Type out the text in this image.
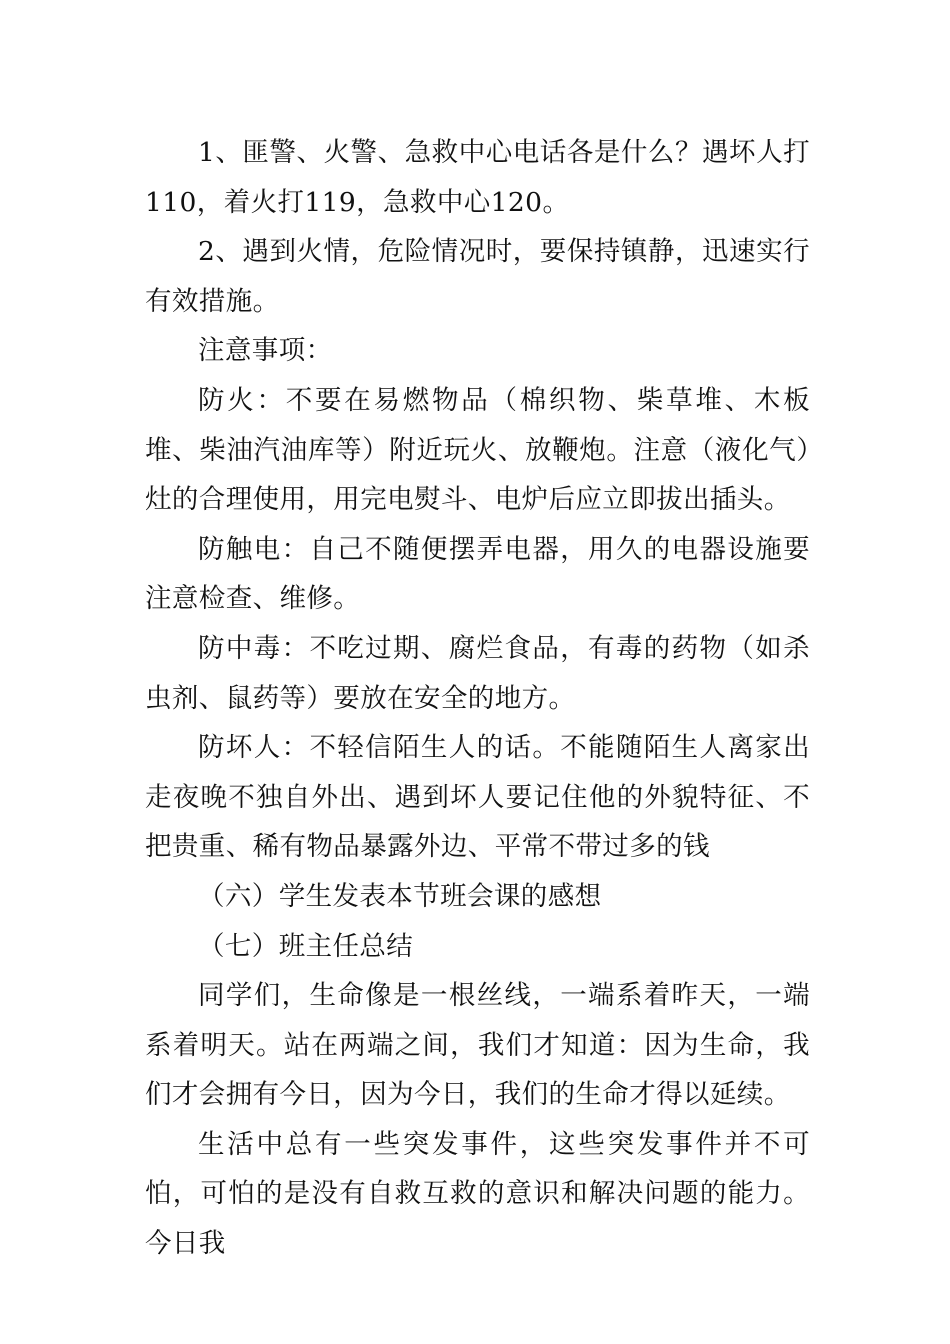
1、匪警、火警、急救中心电话各是什么？遇坏人打110，着火打119，急救中心120。

2、遇到火情，危险情况时，要保持镇静，迅速实行有效措施。

注意事项：

防火：不要在易燃物品（棉织物、柴草堆、木板堆、柴油汽油库等）附近玩火、放鞭炮。注意（液化气）灶的合理使用，用完电熨斗、电炉后应立即拔出插头。

防触电：自己不随便摆弄电器，用久的电器设施要注意检查、维修。

防中毒：不吃过期、腐烂食品，有毒的药物（如杀虫剂、鼠药等）要放在安全的地方。

防坏人：不轻信陌生人的话。不能随陌生人离家出走夜晚不独自外出、遇到坏人要记住他的外貌特征、不把贵重、稀有物品暴露外边、平常不带过多的钱

（六）学生发表本节班会课的感想

（七）班主任总结

同学们，生命像是一根丝线，一端系着昨天，一端系着明天。站在两端之间，我们才知道：因为生命，我们才会拥有今日，因为今日，我们的生命才得以延续。

生活中总有一些突发事件，这些突发事件并不可怕，可怕的是没有自救互救的意识和解决问题的能力。今日我
